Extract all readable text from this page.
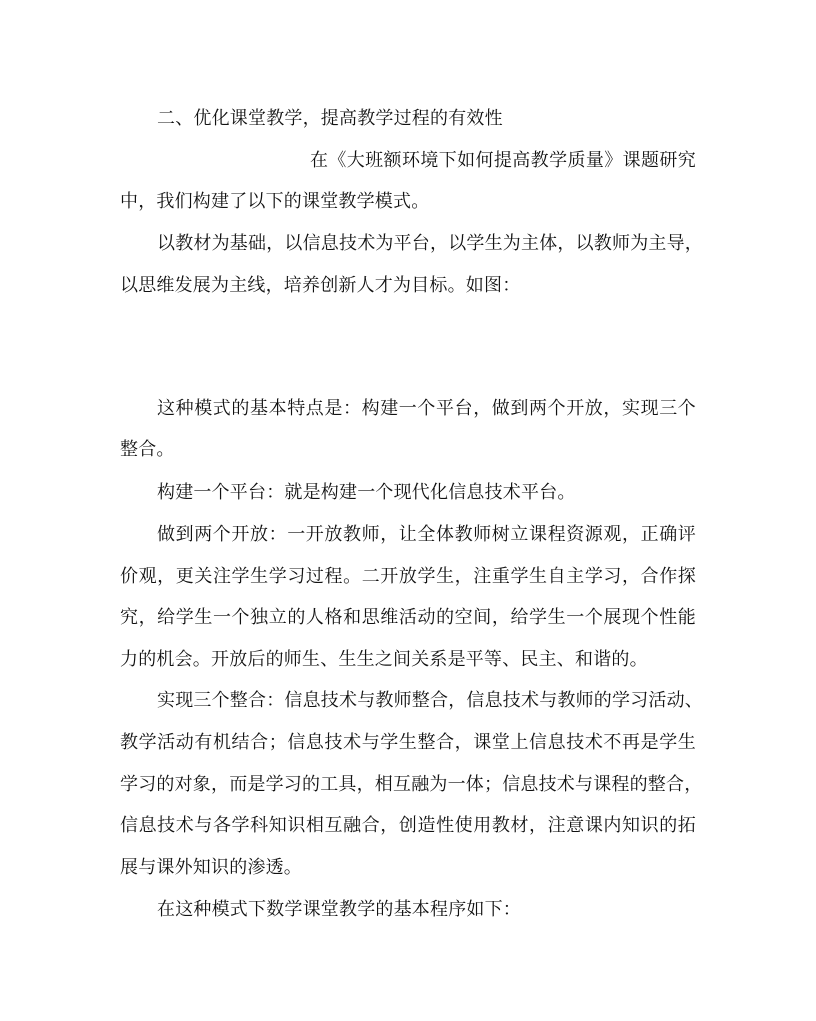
二、优化课堂教学，提高教学过程的有效性
在《大班额环境下如何提高教学质量》课题研究
中，我们构建了以下的课堂教学模式。
以教材为基础，以信息技术为平台，以学生为主体，以教师为主导，
以思维发展为主线，培养创新人才为目标。如图：
这种模式的基本特点是：构建一个平台，做到两个开放，实现三个
整合。
构建一个平台：就是构建一个现代化信息技术平台。
做到两个开放：一开放教师，让全体教师树立课程资源观，正确评
价观，更关注学生学习过程。二开放学生，注重学生自主学习，合作探
究，给学生一个独立的人格和思维活动的空间，给学生一个展现个性能
力的机会。开放后的师生、生生之间关系是平等、民主、和谐的。
实现三个整合：信息技术与教师整合，信息技术与教师的学习活动、
教学活动有机结合；信息技术与学生整合，课堂上信息技术不再是学生
学习的对象，而是学习的工具，相互融为一体；信息技术与课程的整合，
信息技术与各学科知识相互融合，创造性使用教材，注意课内知识的拓
展与课外知识的渗透。
在这种模式下数学课堂教学的基本程序如下：
